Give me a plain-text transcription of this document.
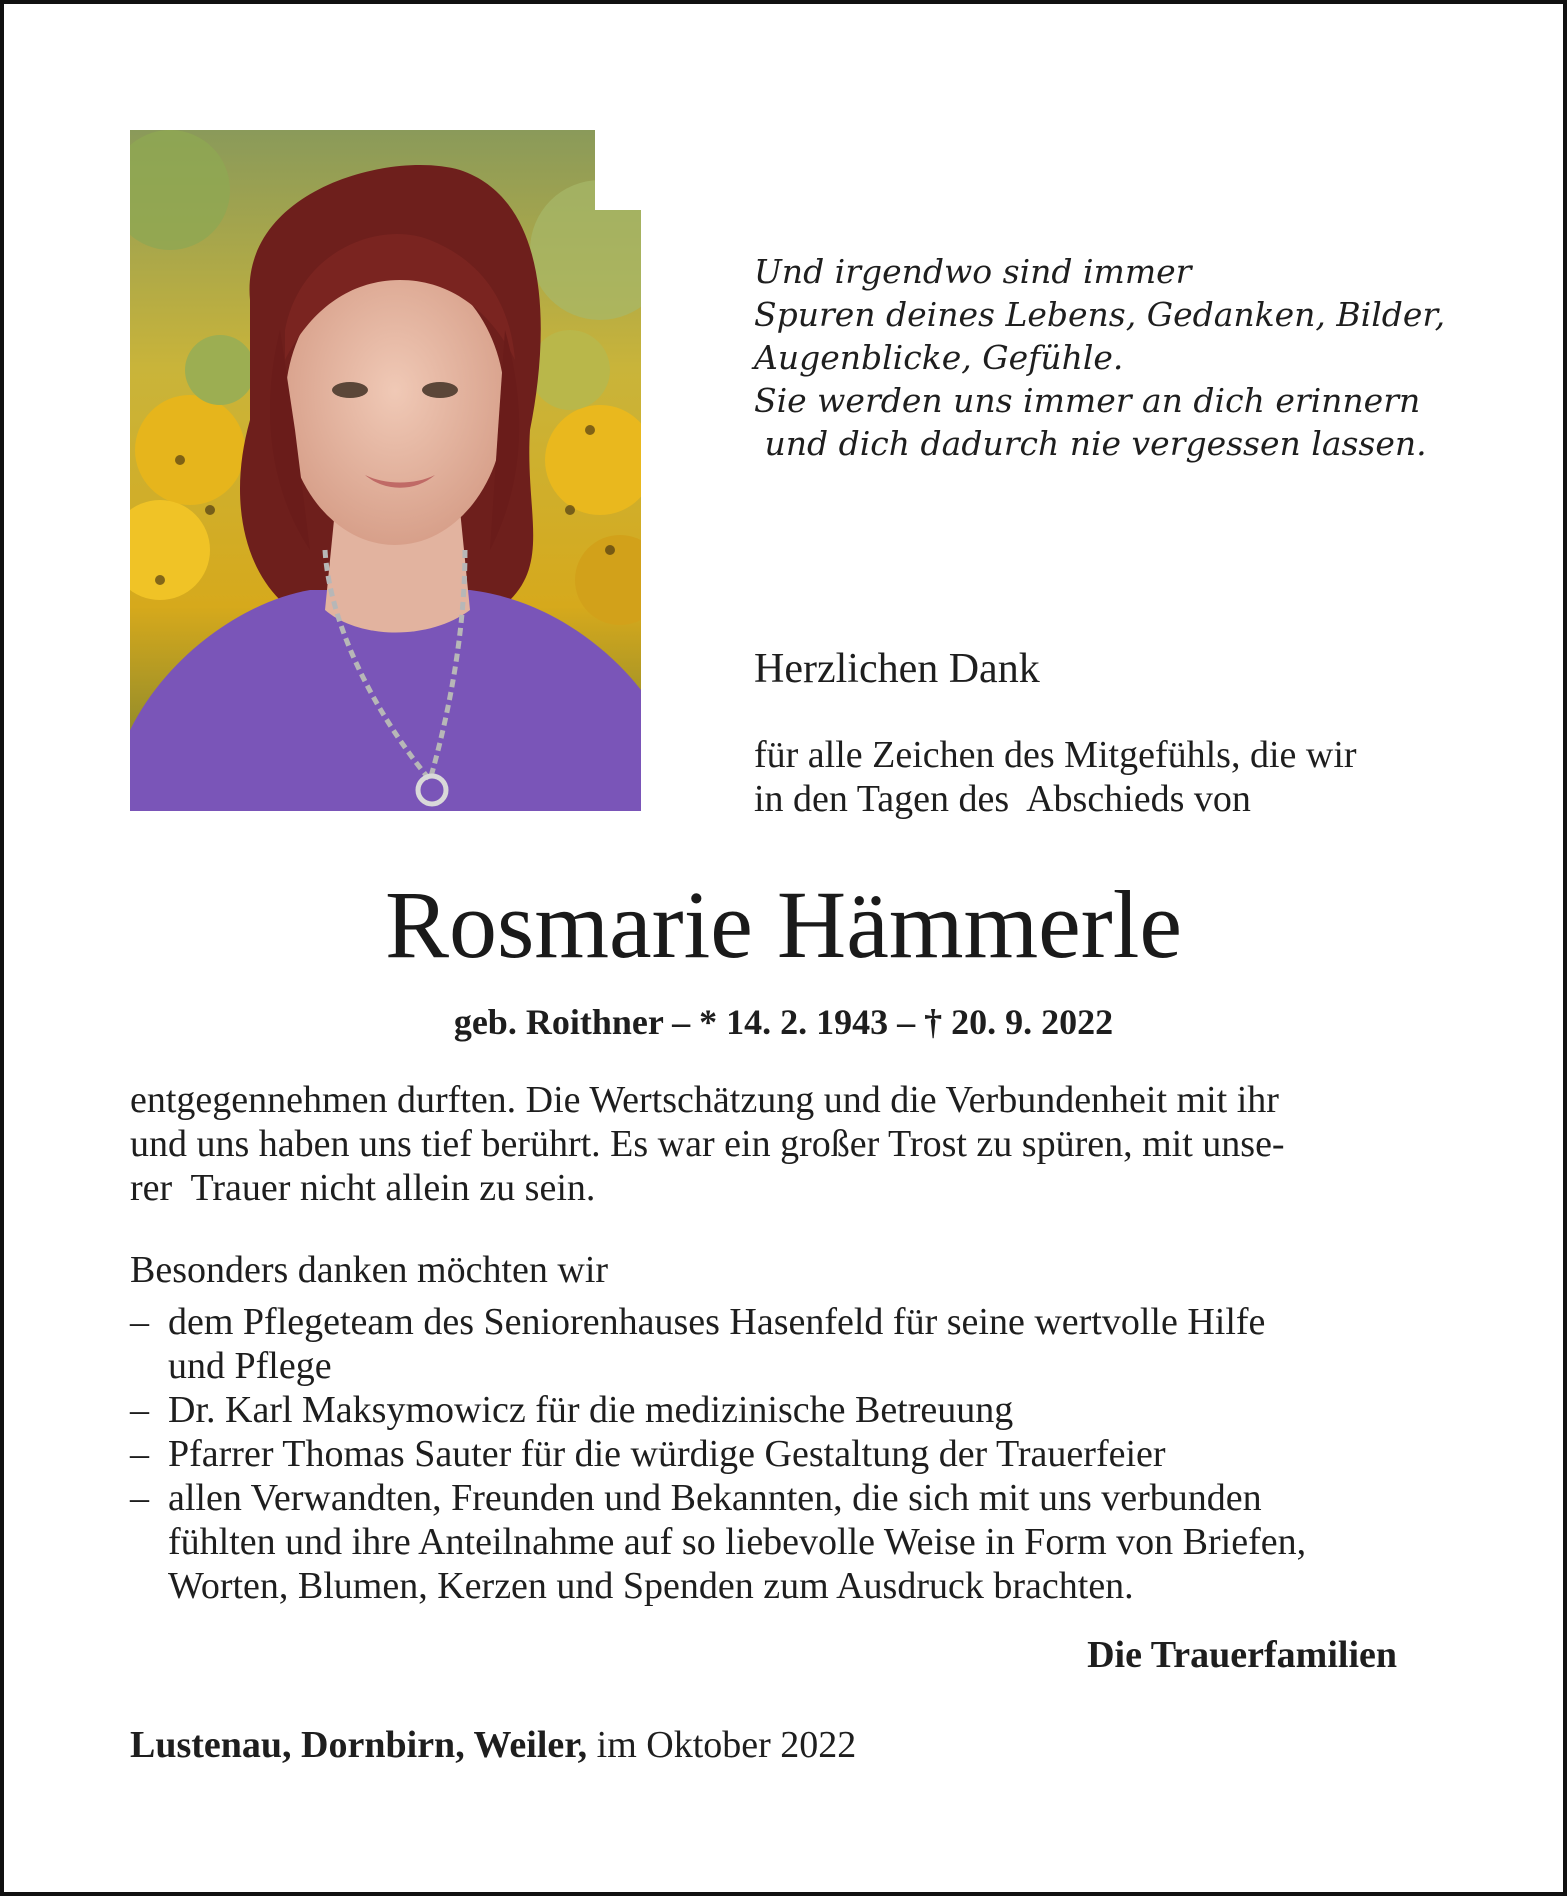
Und irgendwo sind immer
Spuren deines Lebens, Gedanken, Bilder,
Augenblicke, Gefühle.
Sie werden uns immer an dich erinnern
und dich dadurch nie vergessen lassen.
Herzlichen Dank
für alle Zeichen des Mitgefühls, die wir
in den Tagen des  Abschieds von
Rosmarie Hämmerle
geb. Roithner – * 14. 2. 1943 – † 20. 9. 2022
entgegennehmen durften. Die Wertschätzung und die Verbundenheit mit ihr
und uns haben uns tief berührt. Es war ein großer Trost zu spüren, mit unse-
rer  Trauer nicht allein zu sein.
Besonders danken möchten wir
– dem Pflegeteam des Seniorenhauses Hasenfeld für seine wertvolle Hilfe
und Pflege
– Dr. Karl Maksymowicz für die medizinische Betreuung
– Pfarrer Thomas Sauter für die würdige Gestaltung der Trauerfeier
– allen Verwandten, Freunden und Bekannten, die sich mit uns verbunden
fühlten und ihre Anteilnahme auf so liebevolle Weise in Form von Briefen,
Worten, Blumen, Kerzen und Spenden zum Ausdruck brachten.
Die Trauerfamilien
Lustenau, Dornbirn, Weiler, im Oktober 2022
